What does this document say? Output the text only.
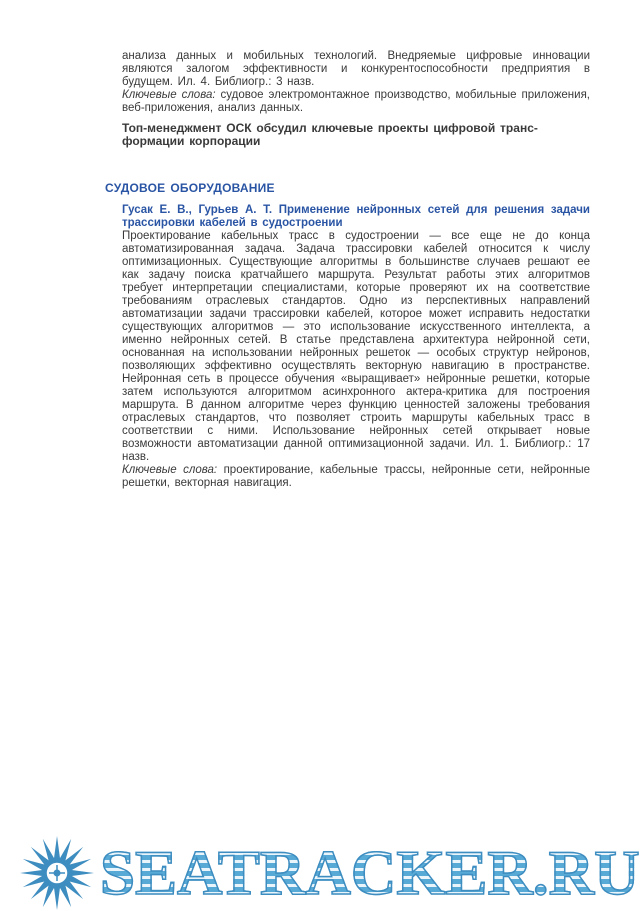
анализа данных и мобильных технологий. Внедряемые цифровые инновации являются залогом эффективности и конкурентоспособности предприятия в будущем. Ил. 4. Библиогр.: 3 назв.

Ключевые слова: судовое электромонтажное производство, мобильные приложения, веб-приложения, анализ данных.

Топ-менеджмент ОСК обсудил ключевые проекты цифровой транс-
формации корпорации

СУДОВОЕ ОБОРУДОВАНИЕ

Гусак Е. В., Гурьев А. Т. Применение нейронных сетей для решения задачи трассировки кабелей в судостроении

Проектирование кабельных трасс в судостроении — все еще не до конца автоматизированная задача. Задача трассировки кабелей относится к числу оптимизационных. Существующие алгоритмы в большинстве случаев решают ее как задачу поиска кратчайшего маршрута. Результат работы этих алгоритмов требует интерпретации специалистами, которые проверяют их на соответствие требованиям отраслевых стандартов. Одно из перспективных направлений автоматизации задачи трассировки кабелей, которое может исправить недостатки существующих алгоритмов — это использование искусственного интеллекта, а именно нейронных сетей. В статье представлена архитектура нейронной сети, основанная на использовании нейронных решеток — особых структур нейронов, позволяющих эффективно осуществлять векторную навигацию в пространстве. Нейронная сеть в процессе обучения «выращивает» нейронные решетки, которые затем используются алгоритмом асинхронного актера-критика для построения маршрута. В данном алгоритме через функцию ценностей заложены требования отраслевых стандартов, что позволяет строить маршруты кабельных трасс в соответствии с ними. Использование нейронных сетей открывает новые возможности автоматизации данной оптимизационной задачи. Ил. 1. Библиогр.: 17 назв.

Ключевые слова: проектирование, кабельные трассы, нейронные сети, нейронные решетки, векторная навигация.

SEATRACKER.RU
